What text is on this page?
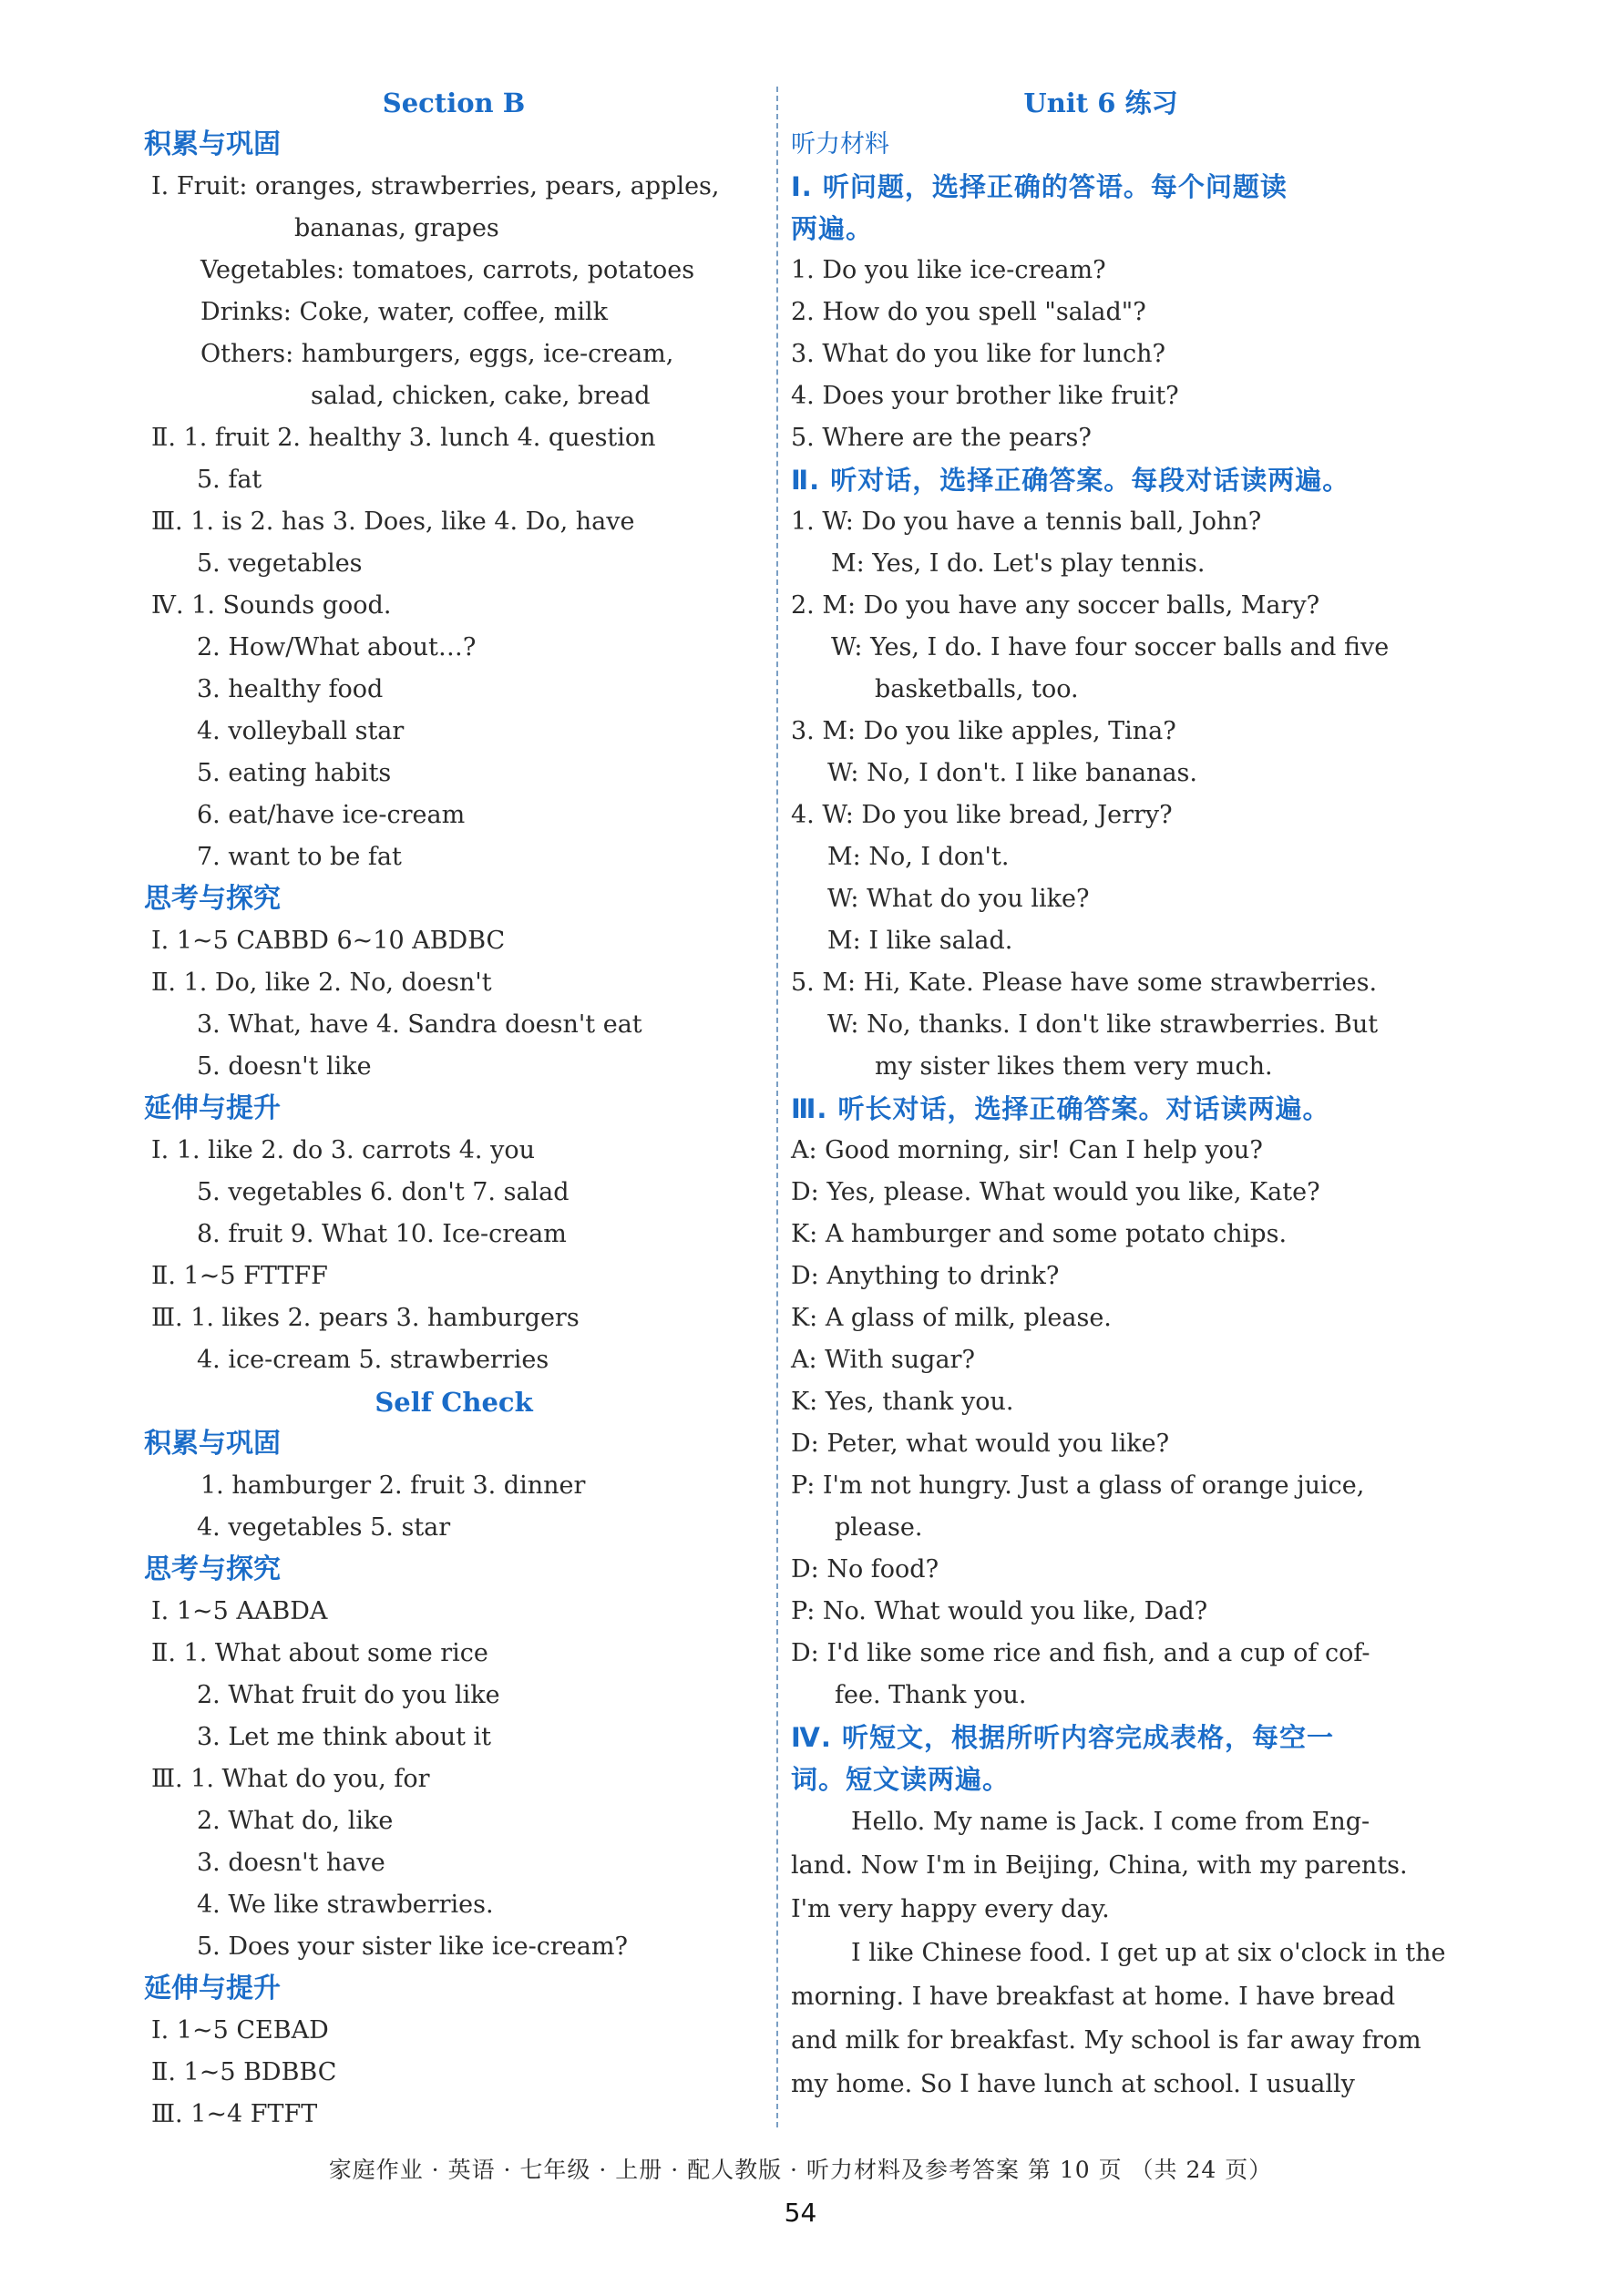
Section B
积累与巩固
Ⅰ. Fruit: oranges, strawberries, pears, apples,
bananas, grapes
Vegetables: tomatoes, carrots, potatoes
Drinks: Coke, water, coffee, milk
Others: hamburgers, eggs, ice-cream,
salad, chicken, cake, bread
Ⅱ. 1. fruit 2. healthy 3. lunch 4. question
5. fat
Ⅲ. 1. is 2. has 3. Does, like 4. Do, have
5. vegetables
Ⅳ. 1. Sounds good.
2. How/What about…?
3. healthy food
4. volleyball star
5. eating habits
6. eat/have ice-cream
7. want to be fat
思考与探究
Ⅰ. 1~5 CABBD 6~10 ABDBC
Ⅱ. 1. Do, like 2. No, doesn't
3. What, have 4. Sandra doesn't eat
5. doesn't like
延伸与提升
Ⅰ. 1. like 2. do 3. carrots 4. you
5. vegetables 6. don't 7. salad
8. fruit 9. What 10. Ice-cream
Ⅱ. 1~5 FTTFF
Ⅲ. 1. likes 2. pears 3. hamburgers
4. ice-cream 5. strawberries
Self Check
积累与巩固
1. hamburger 2. fruit 3. dinner
4. vegetables 5. star
思考与探究
Ⅰ. 1~5 AABDA
Ⅱ. 1. What about some rice
2. What fruit do you like
3. Let me think about it
Ⅲ. 1. What do you, for
2. What do, like
3. doesn't have
4. We like strawberries.
5. Does your sister like ice-cream?
延伸与提升
Ⅰ. 1~5 CEBAD
Ⅱ. 1~5 BDBBC
Ⅲ. 1~4 FTFT
Unit 6 练习
听力材料
Ⅰ. 听问题，选择正确的答语。每个问题读
两遍。
1. Do you like ice-cream?
2. How do you spell "salad"?
3. What do you like for lunch?
4. Does your brother like fruit?
5. Where are the pears?
Ⅱ. 听对话，选择正确答案。每段对话读两遍。
1. W: Do you have a tennis ball, John?
M: Yes, I do. Let's play tennis.
2. M: Do you have any soccer balls, Mary?
W: Yes, I do. I have four soccer balls and five
basketballs, too.
3. M: Do you like apples, Tina?
W: No, I don't. I like bananas.
4. W: Do you like bread, Jerry?
M: No, I don't.
W: What do you like?
M: I like salad.
5. M: Hi, Kate. Please have some strawberries.
W: No, thanks. I don't like strawberries. But
my sister likes them very much.
Ⅲ. 听长对话，选择正确答案。对话读两遍。
A: Good morning, sir! Can I help you?
D: Yes, please. What would you like, Kate?
K: A hamburger and some potato chips.
D: Anything to drink?
K: A glass of milk, please.
A: With sugar?
K: Yes, thank you.
D: Peter, what would you like?
P: I'm not hungry. Just a glass of orange juice,
please.
D: No food?
P: No. What would you like, Dad?
D: I'd like some rice and fish, and a cup of cof-
fee. Thank you.
Ⅳ. 听短文，根据所听内容完成表格，每空一
词。短文读两遍。
Hello. My name is Jack. I come from Eng-
land. Now I'm in Beijing, China, with my parents.
I'm very happy every day.
I like Chinese food. I get up at six o'clock in the
morning. I have breakfast at home. I have bread
and milk for breakfast. My school is far away from
my home. So I have lunch at school. I usually
家庭作业 · 英语 · 七年级 · 上册 · 配人教版 · 听力材料及参考答案 第 10 页 （共 24 页）
54
